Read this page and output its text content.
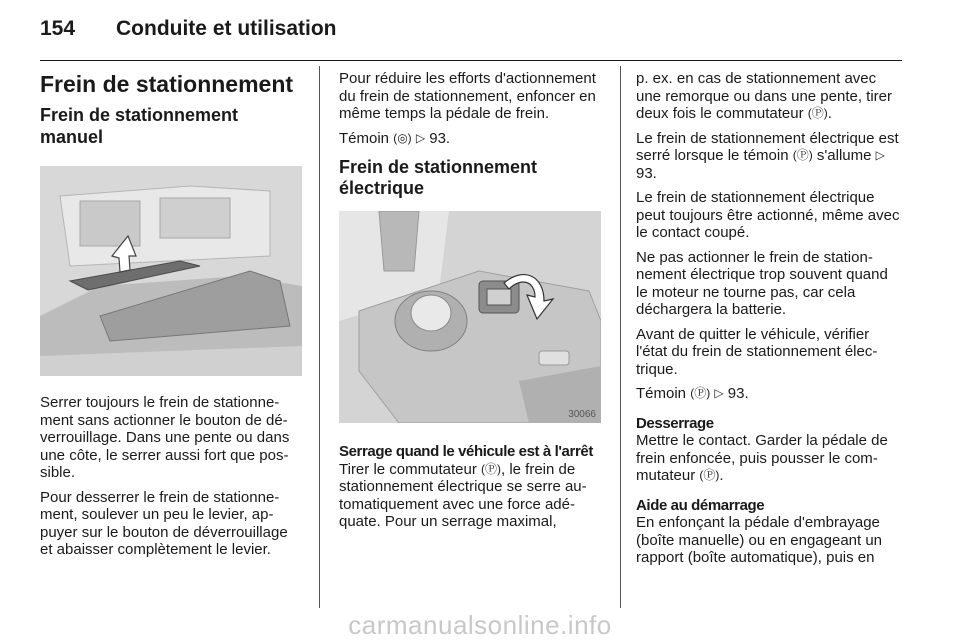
154 Conduite et utilisation
Frein de stationnement
Frein de stationnement manuel

Serrer toujours le frein de stationnement sans actionner le bouton de déverrouillage. Dans une pente ou dans une côte, le serrer aussi fort que possible.

Pour desserrer le frein de stationnement, soulever un peu le levier, appuyer sur le bouton de déverrouillage et abaisser complètement le levier.

Pour réduire les efforts d'actionnement du frein de stationnement, enfoncer en même temps la pédale de frein.

Témoin (◎) ▷ 93.

Frein de stationnement électrique
30066
Serrage quand le véhicule est à l'arrêt

Tirer le commutateur (Ⓟ), le frein de stationnement électrique se serre automatiquement avec une force adéquate. Pour un serrage maximal,

p. ex. en cas de stationnement avec une remorque ou dans une pente, tirer deux fois le commutateur (Ⓟ).

Le frein de stationnement électrique est serré lorsque le témoin (Ⓟ) s'allume ▷ 93.

Le frein de stationnement électrique peut toujours être actionné, même avec le contact coupé.

Ne pas actionner le frein de stationnement électrique trop souvent quand le moteur ne tourne pas, car cela déchargera la batterie.

Avant de quitter le véhicule, vérifier l'état du frein de stationnement électrique.

Témoin (Ⓟ) ▷ 93.

Desserrage

Mettre le contact. Garder la pédale de frein enfoncée, puis pousser le commutateur (Ⓟ).

Aide au démarrage

En enfonçant la pédale d'embrayage (boîte manuelle) ou en engageant un rapport (boîte automatique), puis en

carmanualsonline.info
